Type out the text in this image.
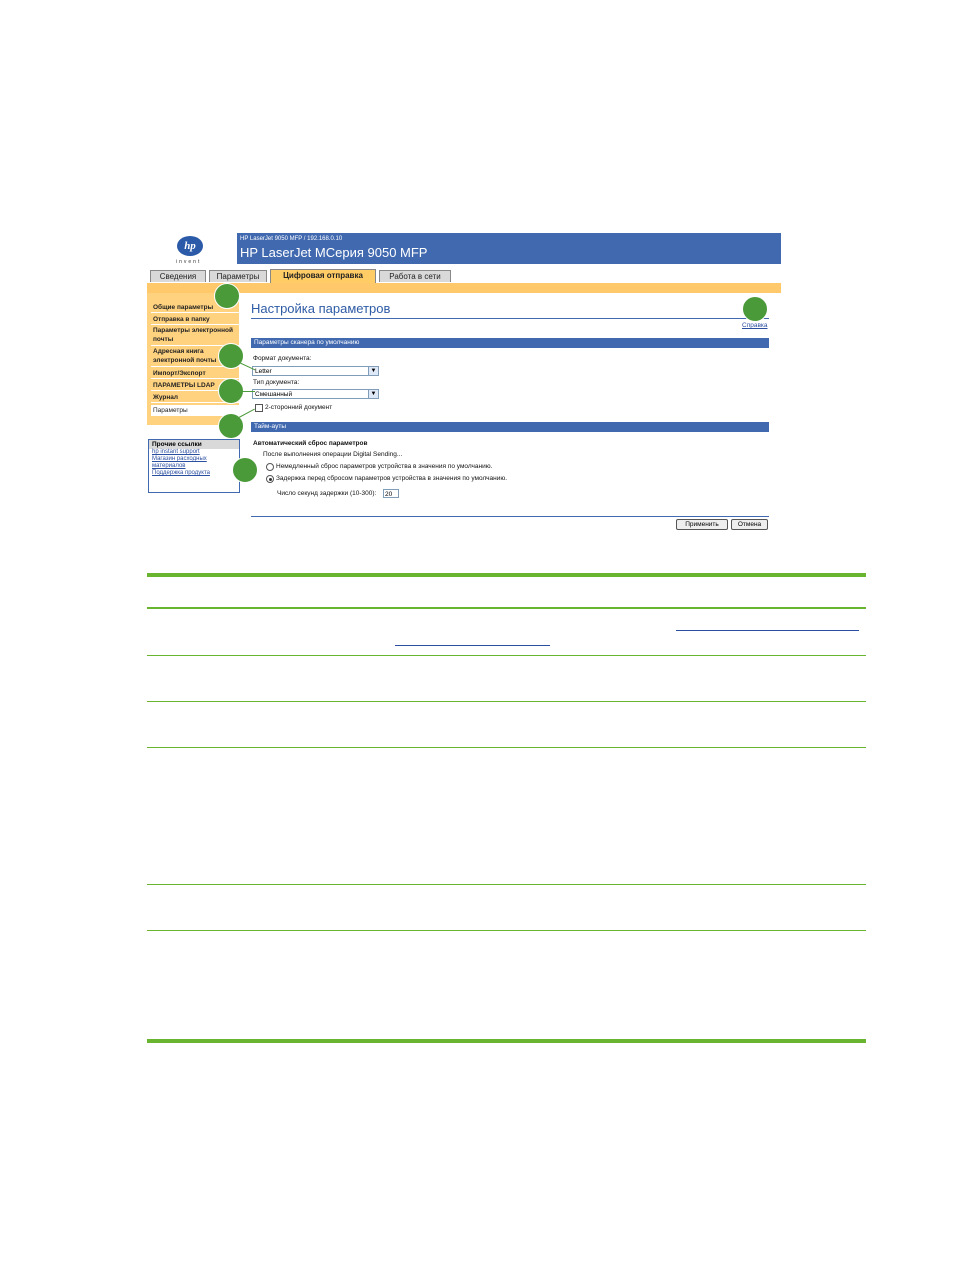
hp
invent
HP LaserJet 9050 MFP / 192.168.0.10
HP LaserJet MСерия 9050 MFP
Сведения	Параметры	Цифровая отправка	Работа в сети
Общие параметры
Отправка в папку
Параметры электронной почты
Адресная книга электронной почты
Импорт/Экспорт
ПАРАМЕТРЫ LDAP
Журнал
Параметры
Прочие ссылки
hp instant support
Магазин расходных материалов
Поддержка продукта
Настройка параметров
Справка
Параметры сканера по умолчанию
Формат документа:
Letter	▼
Тип документа:
Смешанный	▼
2-сторонний документ
Тайм-ауты
Автоматический сброс параметров
После выполнения операции Digital Sending...
Немедленный сброс параметров устройства в значения по умолчанию.
Задержка перед сбросом параметров устройства в значения по умолчанию.
Число секунд задержки (10-300):	20
Применить	Отмена
